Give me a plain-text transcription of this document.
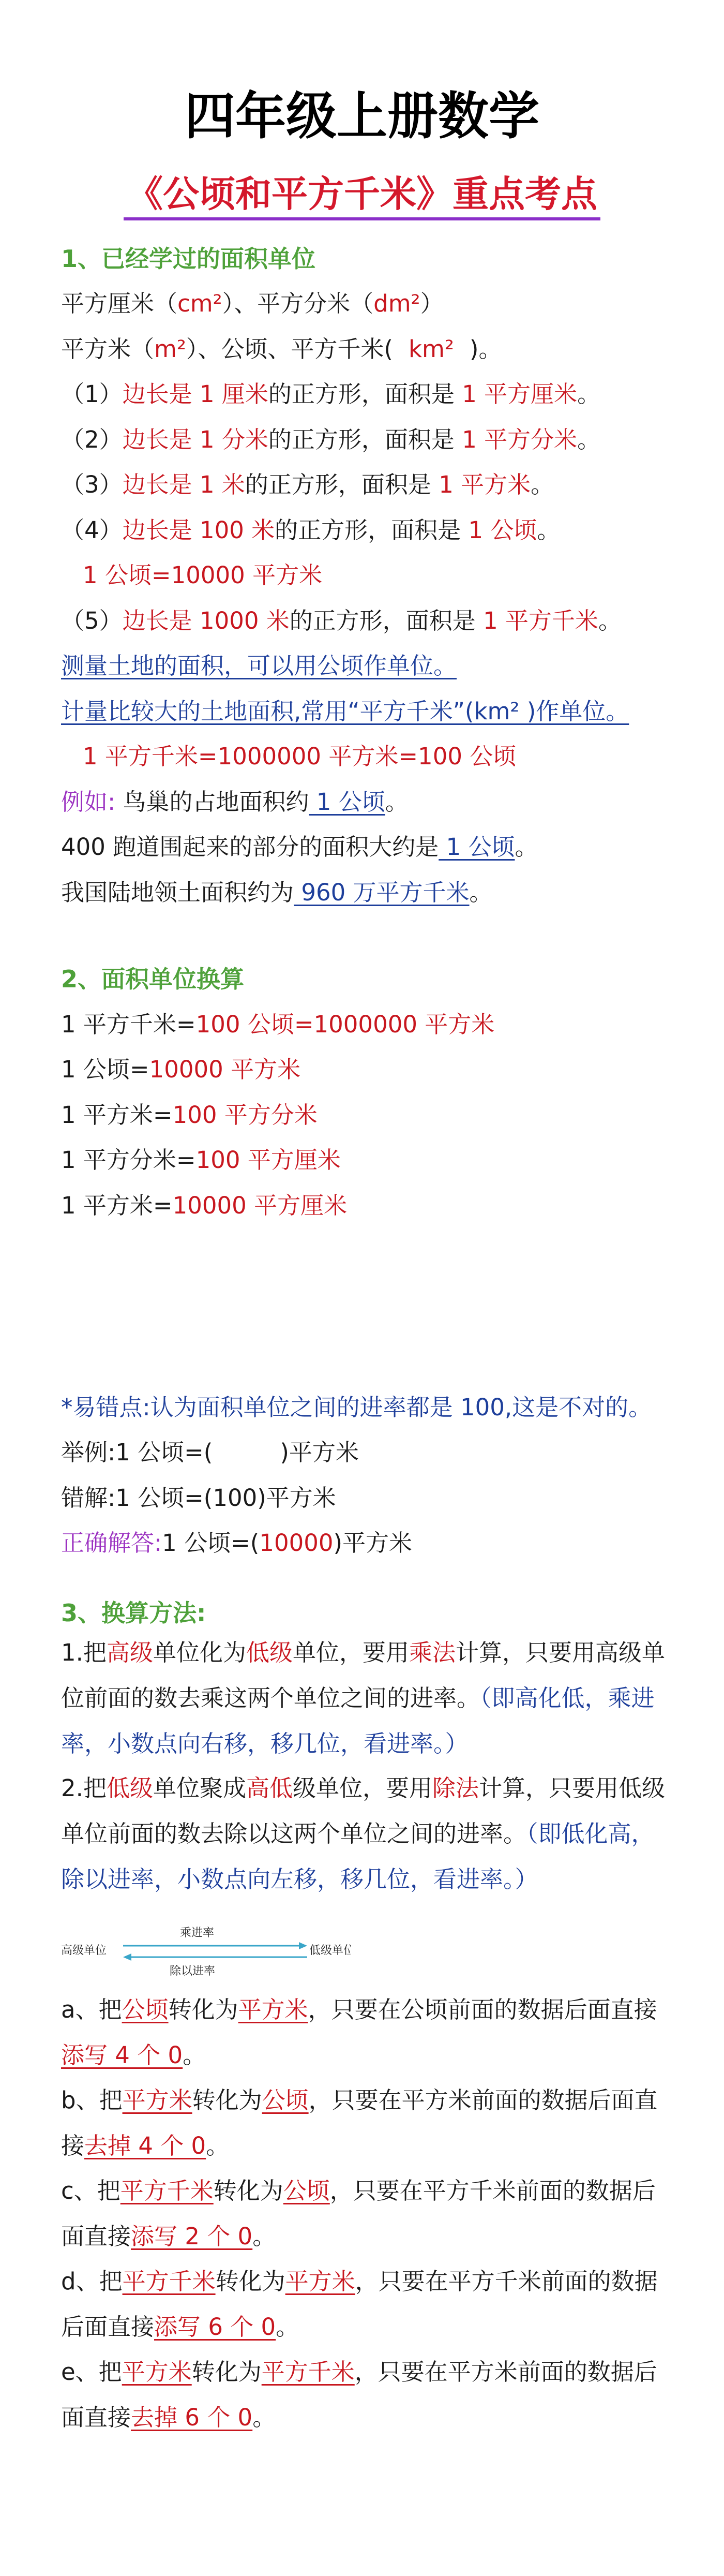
四年级上册数学
《公顷和平方千米》重点考点
1、已经学过的面积单位
平方厘米（cm²）、平方分米（dm²）
平方米（m²）、公顷、平方千米( km² )。
（1）边长是 1 厘米的正方形，面积是 1 平方厘米。
（2）边长是 1 分米的正方形，面积是 1 平方分米。
（3）边长是 1 米的正方形，面积是 1 平方米。
（4）边长是 100 米的正方形，面积是 1 公顷。
1 公顷=10000 平方米
（5）边长是 1000 米的正方形，面积是 1 平方千米。
测量土地的面积，可以用公顷作单位。
计量比较大的土地面积,常用“平方千米”(km² )作单位。
1 平方千米=1000000 平方米=100 公顷
例如: 鸟巢的占地面积约 1 公顷。
400 跑道围起来的部分的面积大约是 1 公顷。
我国陆地领土面积约为 960 万平方千米。
2、面积单位换算
1 平方千米=100 公顷=1000000 平方米
1 公顷=10000 平方米
1 平方米=100 平方分米
1 平方分米=100 平方厘米
1 平方米=10000 平方厘米
*易错点:认为面积单位之间的进率都是 100,这是不对的。
举例:1 公顷=(	)平方米
错解:1 公顷=(100)平方米
正确解答:1 公顷=(10000)平方米
3、换算方法:
1.把高级单位化为低级单位，要用乘法计算，只要用高级单位前面的数去乘这两个单位之间的进率。（即高化低，乘进率，小数点向右移，移几位，看进率。）
2.把低级单位聚成高低级单位，要用除法计算，只要用低级单位前面的数去除以这两个单位之间的进率。（即低化高，除以进率，小数点向左移，移几位，看进率。）
高级单位	低级单位
乘进率
除以进率
a、把公顷转化为平方米，只要在公顷前面的数据后面直接添写 4 个 0。
b、把平方米转化为公顷，只要在平方米前面的数据后面直接去掉 4 个 0。
c、把平方千米转化为公顷，只要在平方千米前面的数据后面直接添写 2 个 0。
d、把平方千米转化为平方米，只要在平方千米前面的数据后面直接添写 6 个 0。
e、把平方米转化为平方千米，只要在平方米前面的数据后面直接去掉 6 个 0。
